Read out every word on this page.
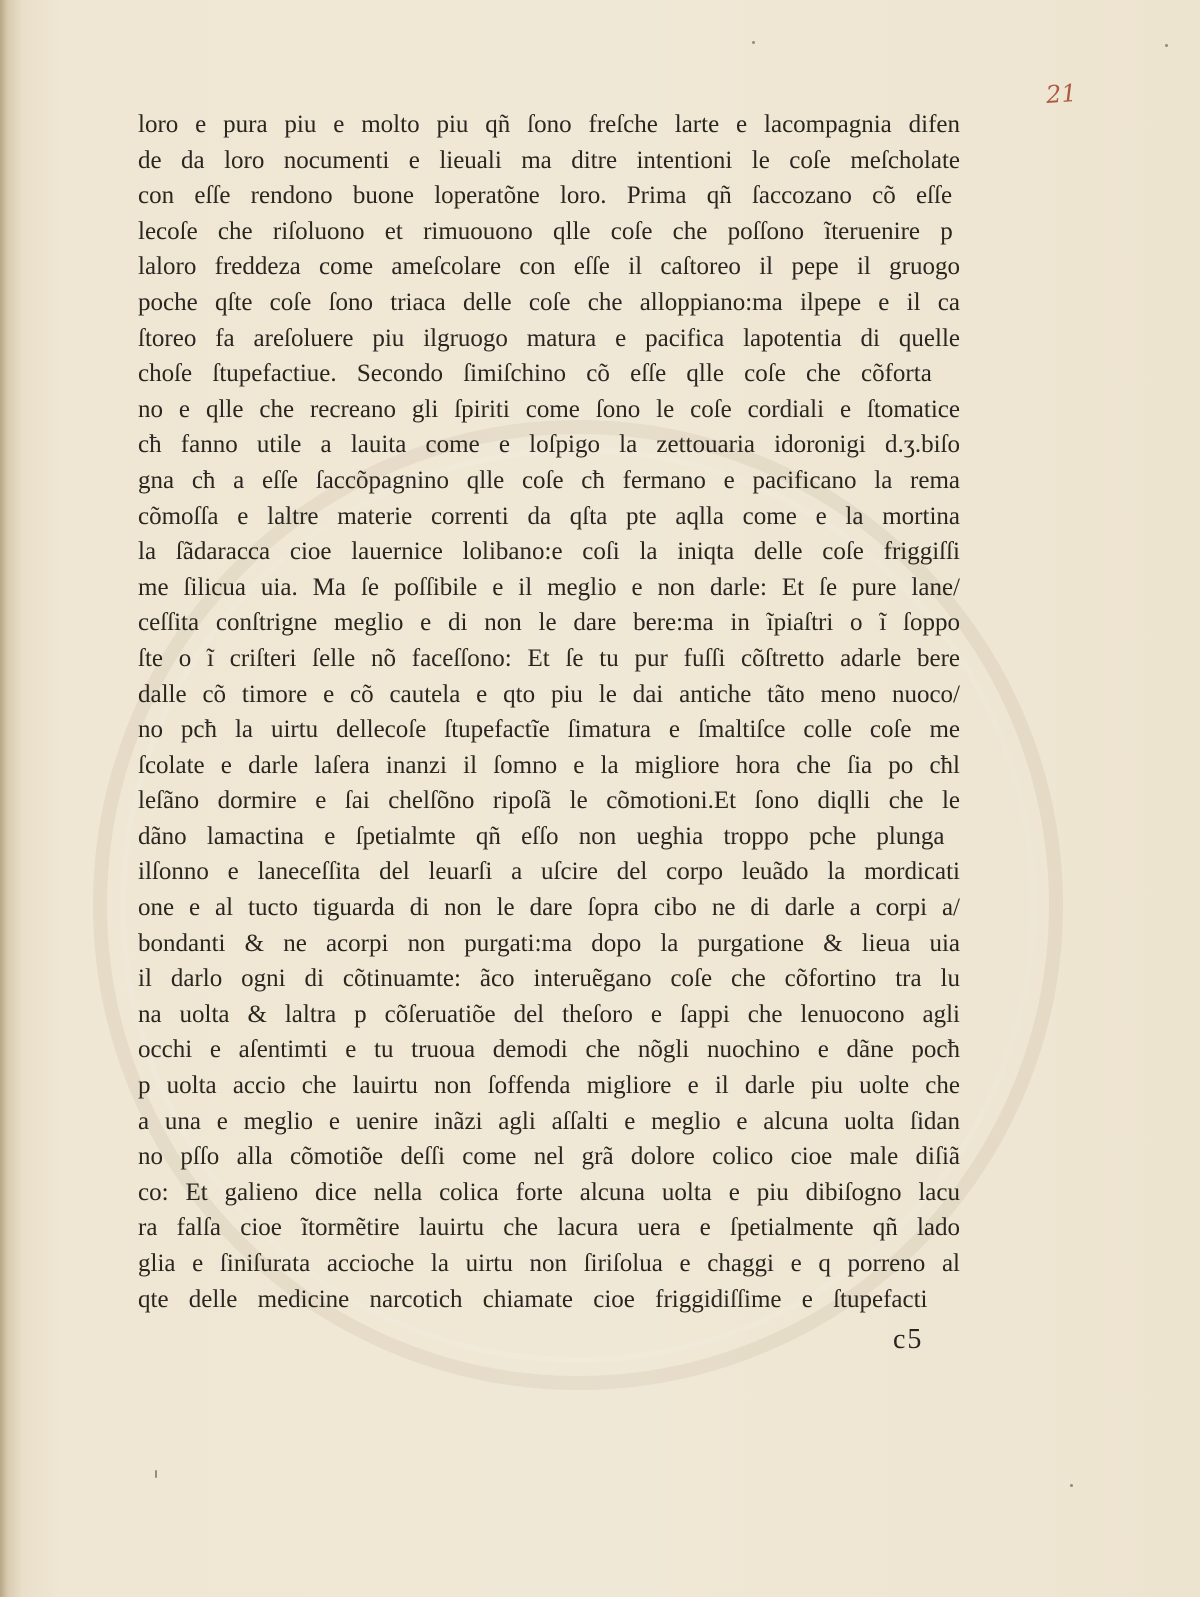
21
loro e pura piu e molto piu qñ ſono freſche larte e lacompagnia difen
de da loro nocumenti e lieuali ma ditre intentioni le coſe meſcholate
con eſſe rendono buone loperatõne loro. Prima qñ ſaccozano cõ eſſe
lecoſe che riſoluono et rimuouono qlle coſe che poſſono ĩteruenire p
laloro freddeza come ameſcolare con eſſe il caſtoreo il pepe il gruogo
poche qſte coſe ſono triaca delle coſe che alloppiano:ma ilpepe e il ca
ſtoreo fa areſoluere piu ilgruogo matura e pacifica lapotentia di quelle
choſe ſtupefactiue. Secondo ſimiſchino cõ eſſe qlle coſe che cõforta
no e qlle che recreano gli ſpiriti come ſono le coſe cordiali e ſtomatice
cħ fanno utile a lauita come e loſpigo la zettouaria idoronigi d.ʒ.biſo
gna cħ a eſſe ſaccõpagnino qlle coſe cħ fermano e pacificano la rema
cõmoſſa e laltre materie correnti da qſta pte aqlla come e la mortina
la ſãdaracca cioe lauernice lolibano:e coſi la iniqta delle coſe friggiſſi
me ſilicua uia. Ma ſe poſſibile e il meglio e non darle: Et ſe pure lane/
ceſſita conſtrigne meglio e di non le dare bere:ma in ĩpiaſtri o ĩ ſoppo
ſte o ĩ criſteri ſelle nõ faceſſono: Et ſe tu pur fuſſi cõſtretto adarle bere
dalle cõ timore e cõ cautela e qto piu le dai antiche tãto meno nuoco/
no pcħ la uirtu dellecoſe ſtupefactĩe ſimatura e ſmaltiſce colle coſe me
ſcolate e darle laſera inanzi il ſomno e la migliore hora che ſia po cħl
leſãno dormire e ſai chelſõno ripoſã le cõmotioni.Et ſono diqlli che le
dãno lamactina e ſpetialmte qñ eſſo non ueghia troppo pche plunga
ilſonno e laneceſſita del leuarſi a uſcire del corpo leuãdo la mordicati
one e al tucto tiguarda di non le dare ſopra cibo ne di darle a corpi a/
bondanti & ne acorpi non purgati:ma dopo la purgatione & lieua uia
il darlo ogni di cõtinuamte: ãco interuẽgano coſe che cõfortino tra lu
na uolta & laltra p cõſeruatiõe del theſoro e ſappi che lenuocono agli
occhi e aſentimti e tu truoua demodi che nõgli nuochino e dãne pocħ
p uolta accio che lauirtu non ſoffenda migliore e il darle piu uolte che
a una e meglio e uenire inãzi agli aſſalti e meglio e alcuna uolta ſidan
no pſſo alla cõmotiõe deſſi come nel grã dolore colico cioe male diſiã
co: Et galieno dice nella colica forte alcuna uolta e piu dibiſogno lacu
ra falſa cioe ĩtormẽtire lauirtu che lacura uera e ſpetialmente qñ lado
glia e ſiniſurata accioche la uirtu non ſiriſolua e chaggi e q porreno al
qte delle medicine narcotich chiamate cioe friggidiſſime e ſtupefacti
c5
